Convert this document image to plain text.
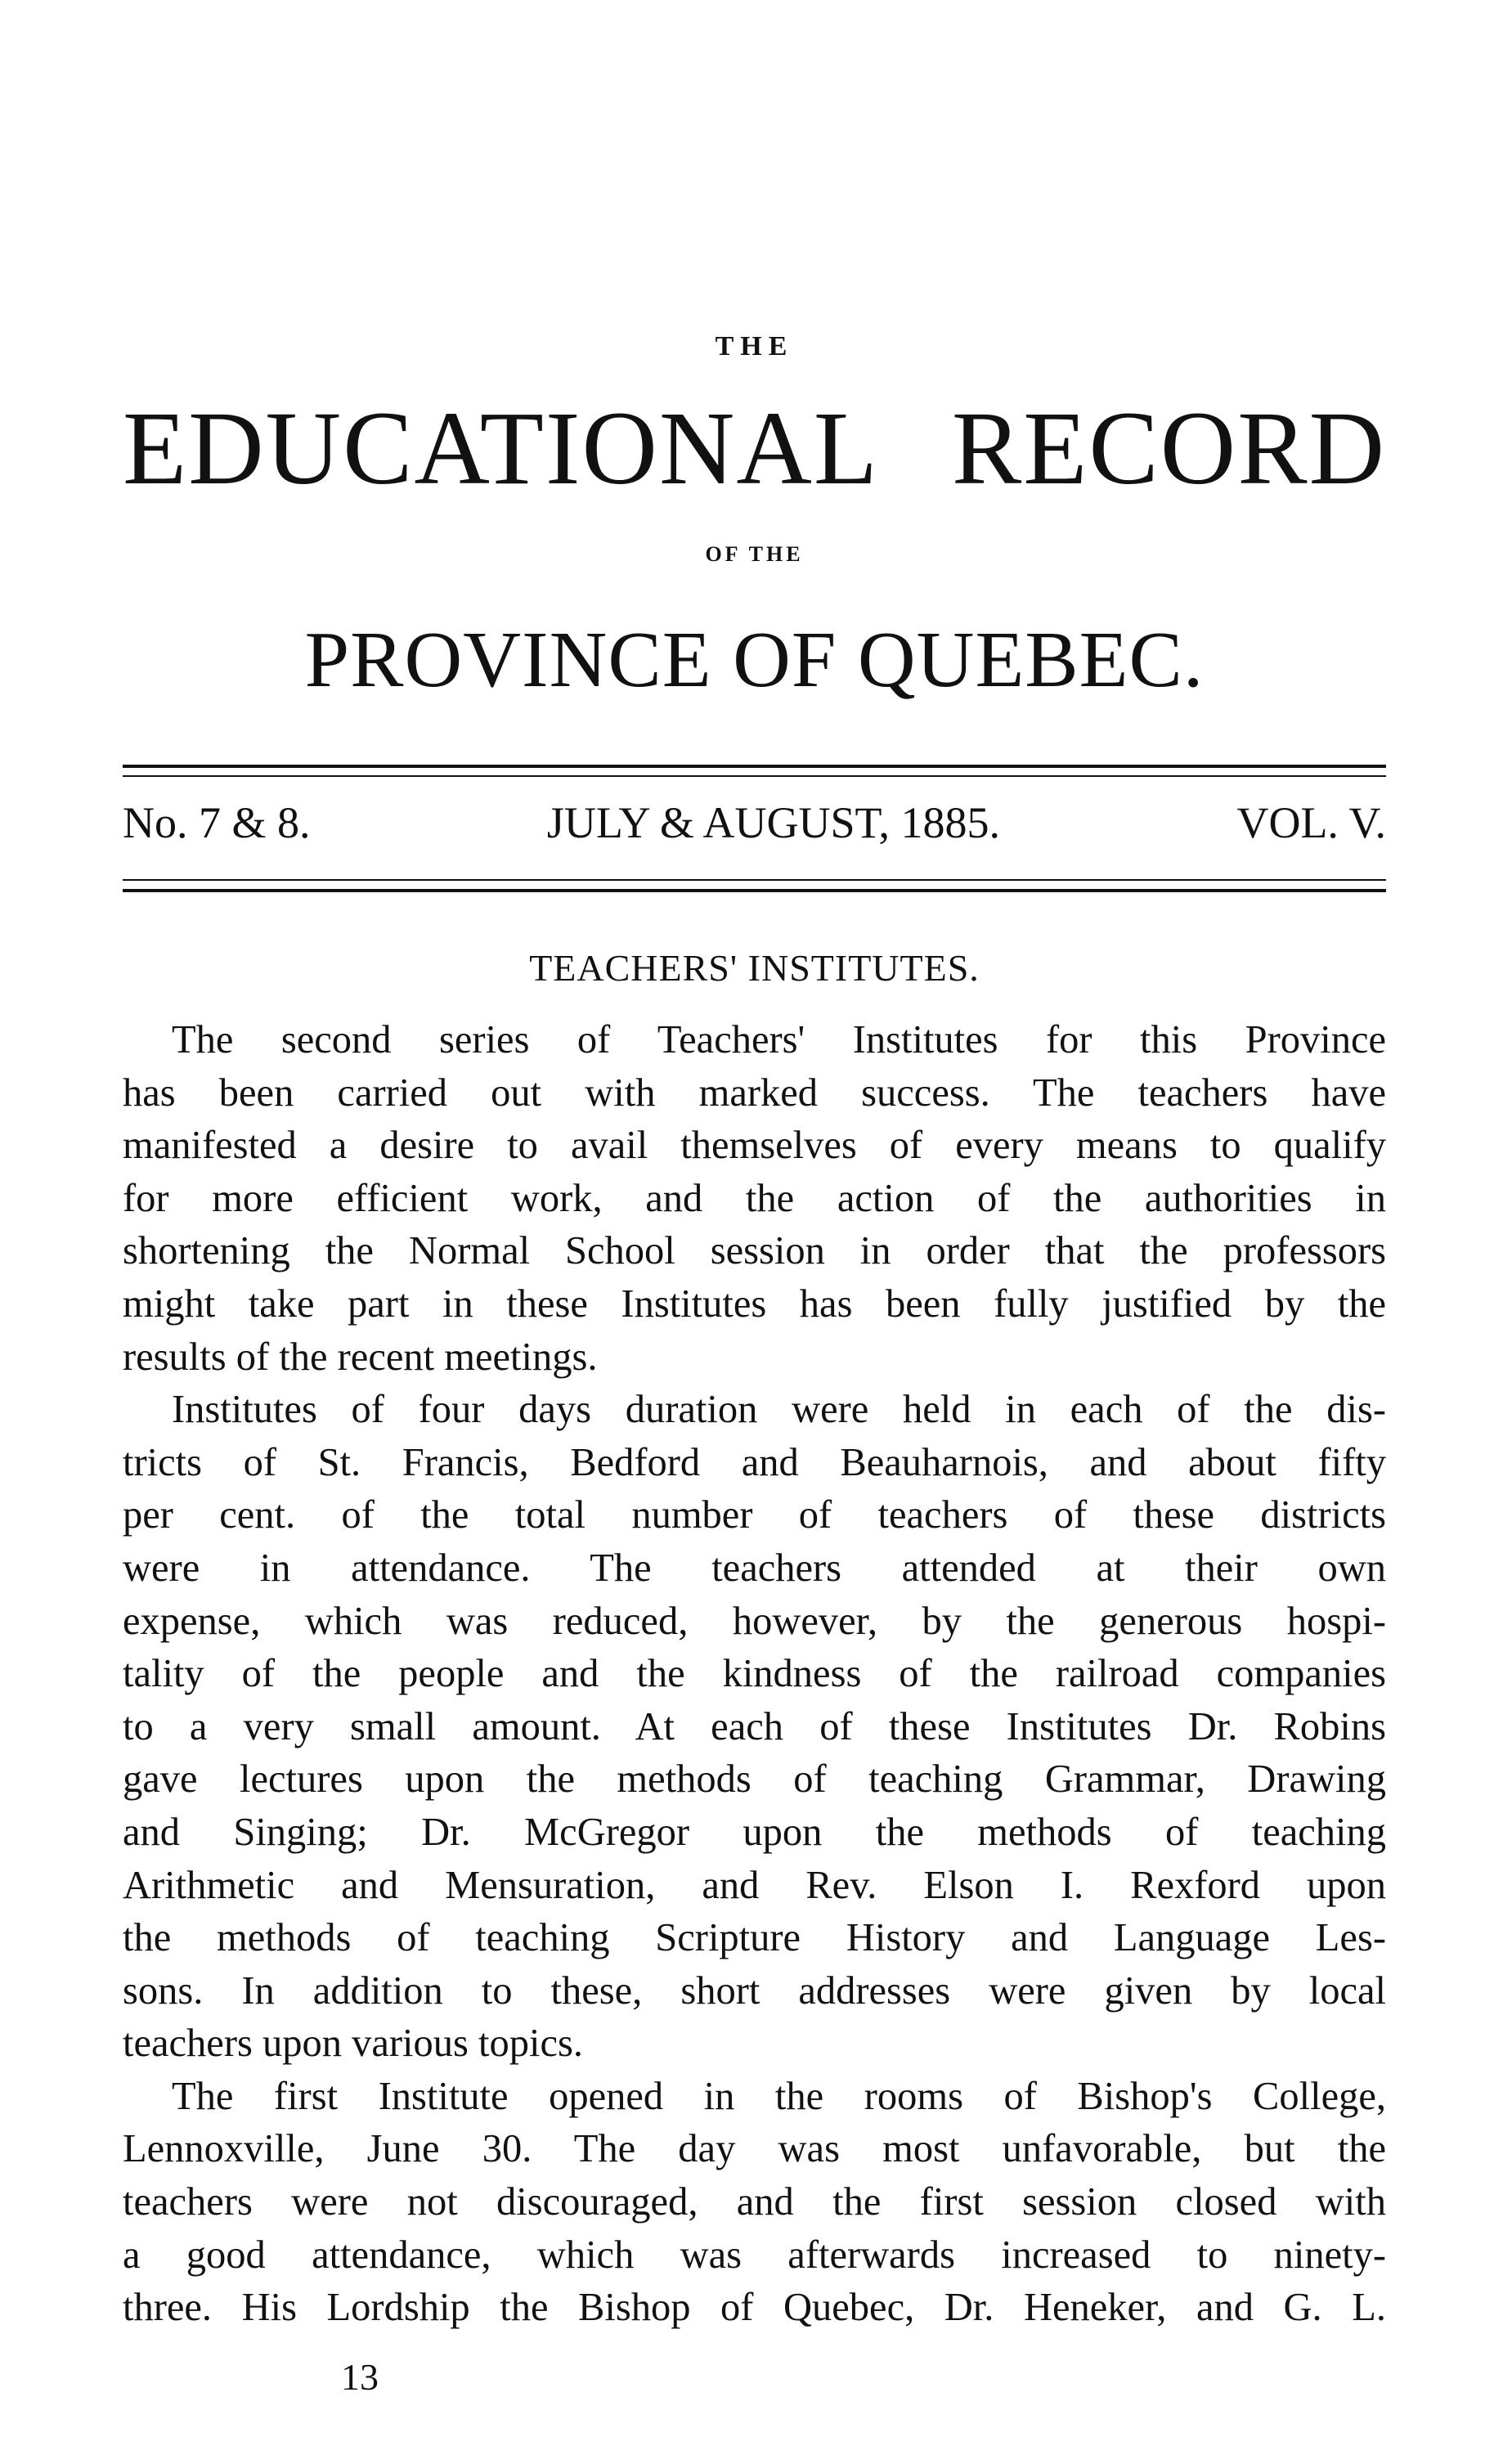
THE
EDUCATIONAL RECORD
OF THE
PROVINCE OF QUEBEC.
No. 7 & 8.	JULY & AUGUST, 1885.	VOL. V.
TEACHERS' INSTITUTES.
The second series of Teachers' Institutes for this Province
has been carried out with marked success. The teachers have
manifested a desire to avail themselves of every means to qualify
for more efficient work, and the action of the authorities in
shortening the Normal School session in order that the professors
might take part in these Institutes has been fully justified by the
results of the recent meetings.
Institutes of four days duration were held in each of the dis-
tricts of St. Francis, Bedford and Beauharnois, and about fifty
per cent. of the total number of teachers of these districts
were in attendance. The teachers attended at their own
expense, which was reduced, however, by the generous hospi-
tality of the people and the kindness of the railroad companies
to a very small amount. At each of these Institutes Dr. Robins
gave lectures upon the methods of teaching Grammar, Drawing
and Singing; Dr. McGregor upon the methods of teaching
Arithmetic and Mensuration, and Rev. Elson I. Rexford upon
the methods of teaching Scripture History and Language Les-
sons. In addition to these, short addresses were given by local
teachers upon various topics.
The first Institute opened in the rooms of Bishop's College,
Lennoxville, June 30. The day was most unfavorable, but the
teachers were not discouraged, and the first session closed with
a good attendance, which was afterwards increased to ninety-
three. His Lordship the Bishop of Quebec, Dr. Heneker, and G. L.
13
